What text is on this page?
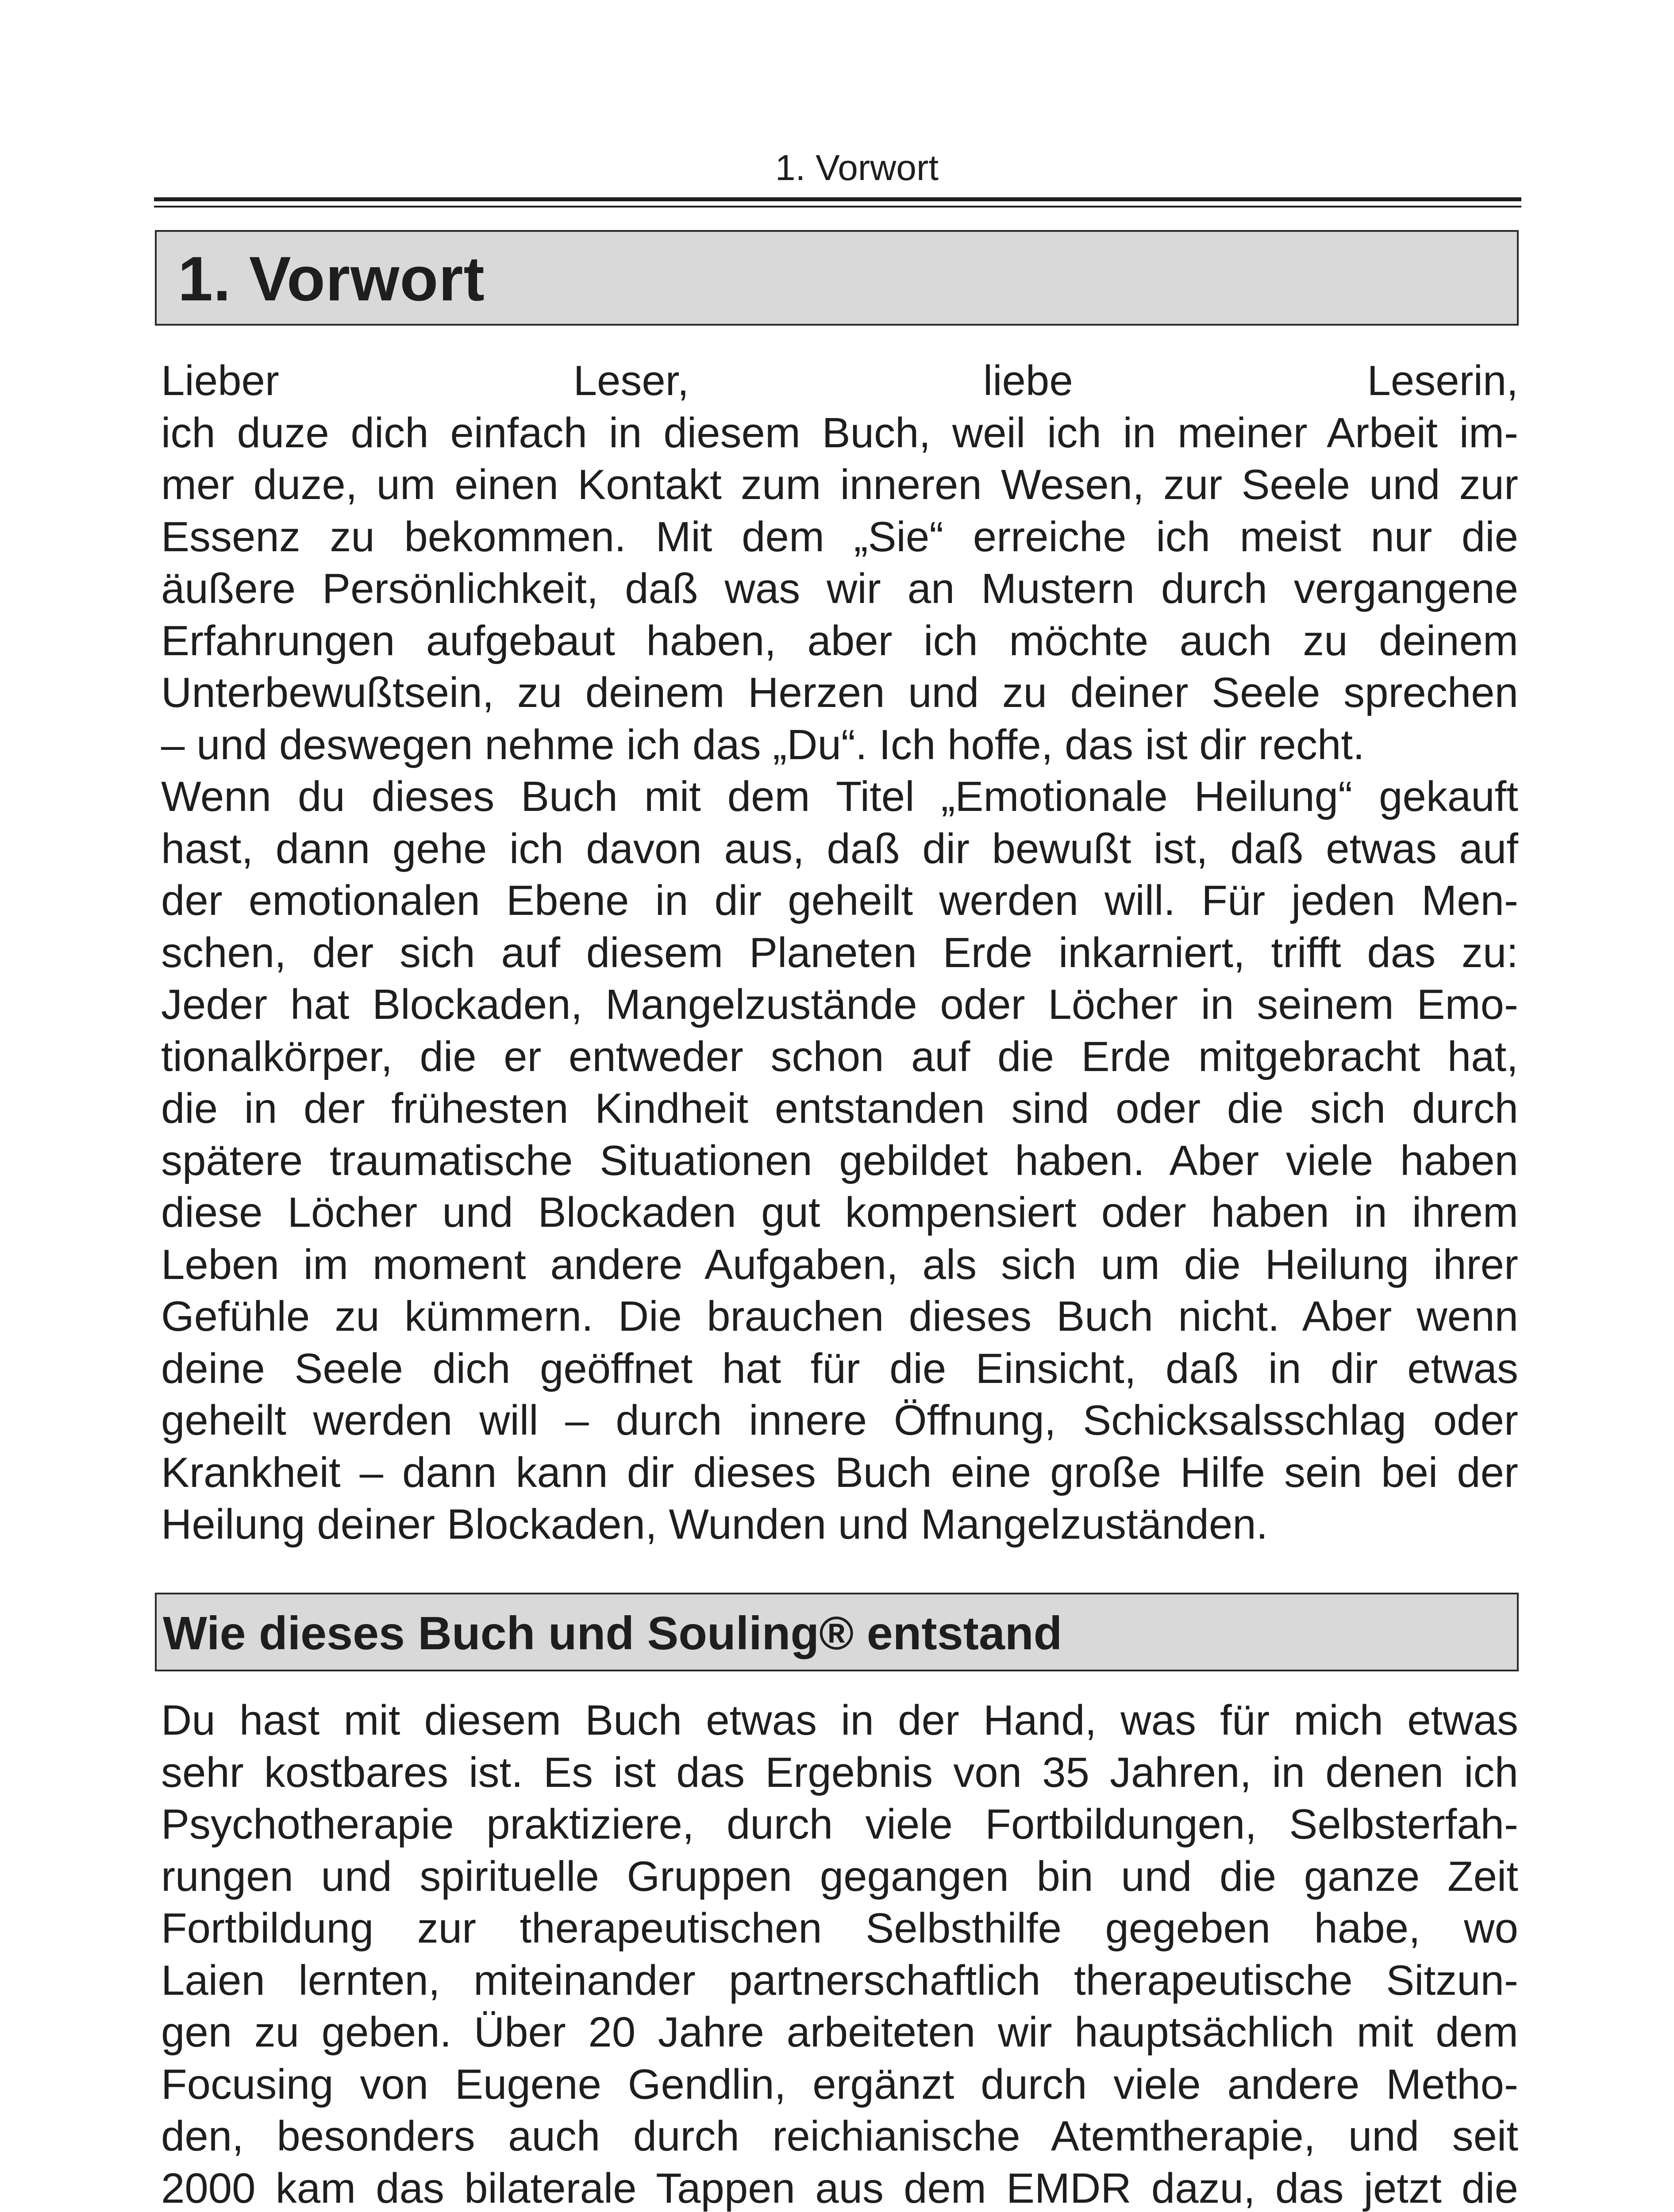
1. Vorwort
1. Vorwort
Lieber Leser, liebe Leserin,
ich duze dich einfach in diesem Buch, weil ich in meiner Arbeit im-
mer duze, um einen Kontakt zum inneren Wesen, zur Seele und zur
Essenz zu bekommen. Mit dem „Sie“ erreiche ich meist nur die
äußere Persönlichkeit, daß was wir an Mustern durch vergangene
Erfahrungen aufgebaut haben, aber ich möchte auch zu deinem
Unterbewußtsein, zu deinem Herzen und zu deiner Seele sprechen
– und deswegen nehme ich das „Du“. Ich hoffe, das ist dir recht.
Wenn du dieses Buch mit dem Titel „Emotionale Heilung“ gekauft
hast, dann gehe ich davon aus, daß dir bewußt ist, daß etwas auf
der emotionalen Ebene in dir geheilt werden will. Für jeden Men-
schen, der sich auf diesem Planeten Erde inkarniert, trifft das zu:
Jeder hat Blockaden, Mangelzustände oder Löcher in seinem Emo-
tionalkörper, die er entweder schon auf die Erde mitgebracht hat,
die in der frühesten Kindheit entstanden sind oder die sich durch
spätere traumatische Situationen gebildet haben. Aber viele haben
diese Löcher und Blockaden gut kompensiert oder haben in ihrem
Leben im moment andere Aufgaben, als sich um die Heilung ihrer
Gefühle zu kümmern. Die brauchen dieses Buch nicht. Aber wenn
deine Seele dich geöffnet hat für die Einsicht, daß in dir etwas
geheilt werden will – durch innere Öffnung, Schicksalsschlag oder
Krankheit – dann kann dir dieses Buch eine große Hilfe sein bei der
Heilung deiner Blockaden, Wunden und Mangelzuständen.
Wie dieses Buch und Souling® entstand
Du hast mit diesem Buch etwas in der Hand, was für mich etwas
sehr kostbares ist. Es ist das Ergebnis von 35 Jahren, in denen ich
Psychotherapie praktiziere, durch viele Fortbildungen, Selbsterfah-
rungen und spirituelle Gruppen gegangen bin und die ganze Zeit
Fortbildung zur therapeutischen Selbsthilfe gegeben habe, wo
Laien lernten, miteinander partnerschaftlich therapeutische Sitzun-
gen zu geben. Über 20 Jahre arbeiteten wir hauptsächlich mit dem
Focusing von Eugene Gendlin, ergänzt durch viele andere Metho-
den, besonders auch durch reichianische Atemtherapie, und seit
2000 kam das bilaterale Tappen aus dem EMDR dazu, das jetzt die
